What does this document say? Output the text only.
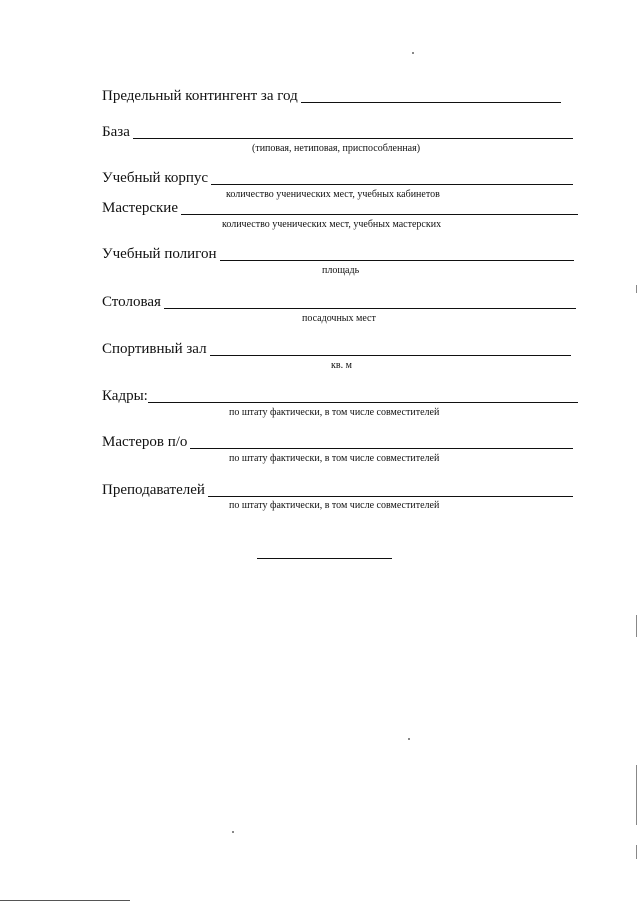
Предельный контингент за год
База
(типовая, нетиповая, приспособленная)
Учебный корпус
количество ученических мест, учебных кабинетов
Мастерские
количество ученических мест, учебных мастерских
Учебный полигон
площадь
Столовая
посадочных мест
Спортивный зал
кв. м
Кадры:
по штату фактически, в том числе совместителей
Мастеров п/о
по штату фактически, в том числе совместителей
Преподавателей
по штату фактически, в том числе совместителей
